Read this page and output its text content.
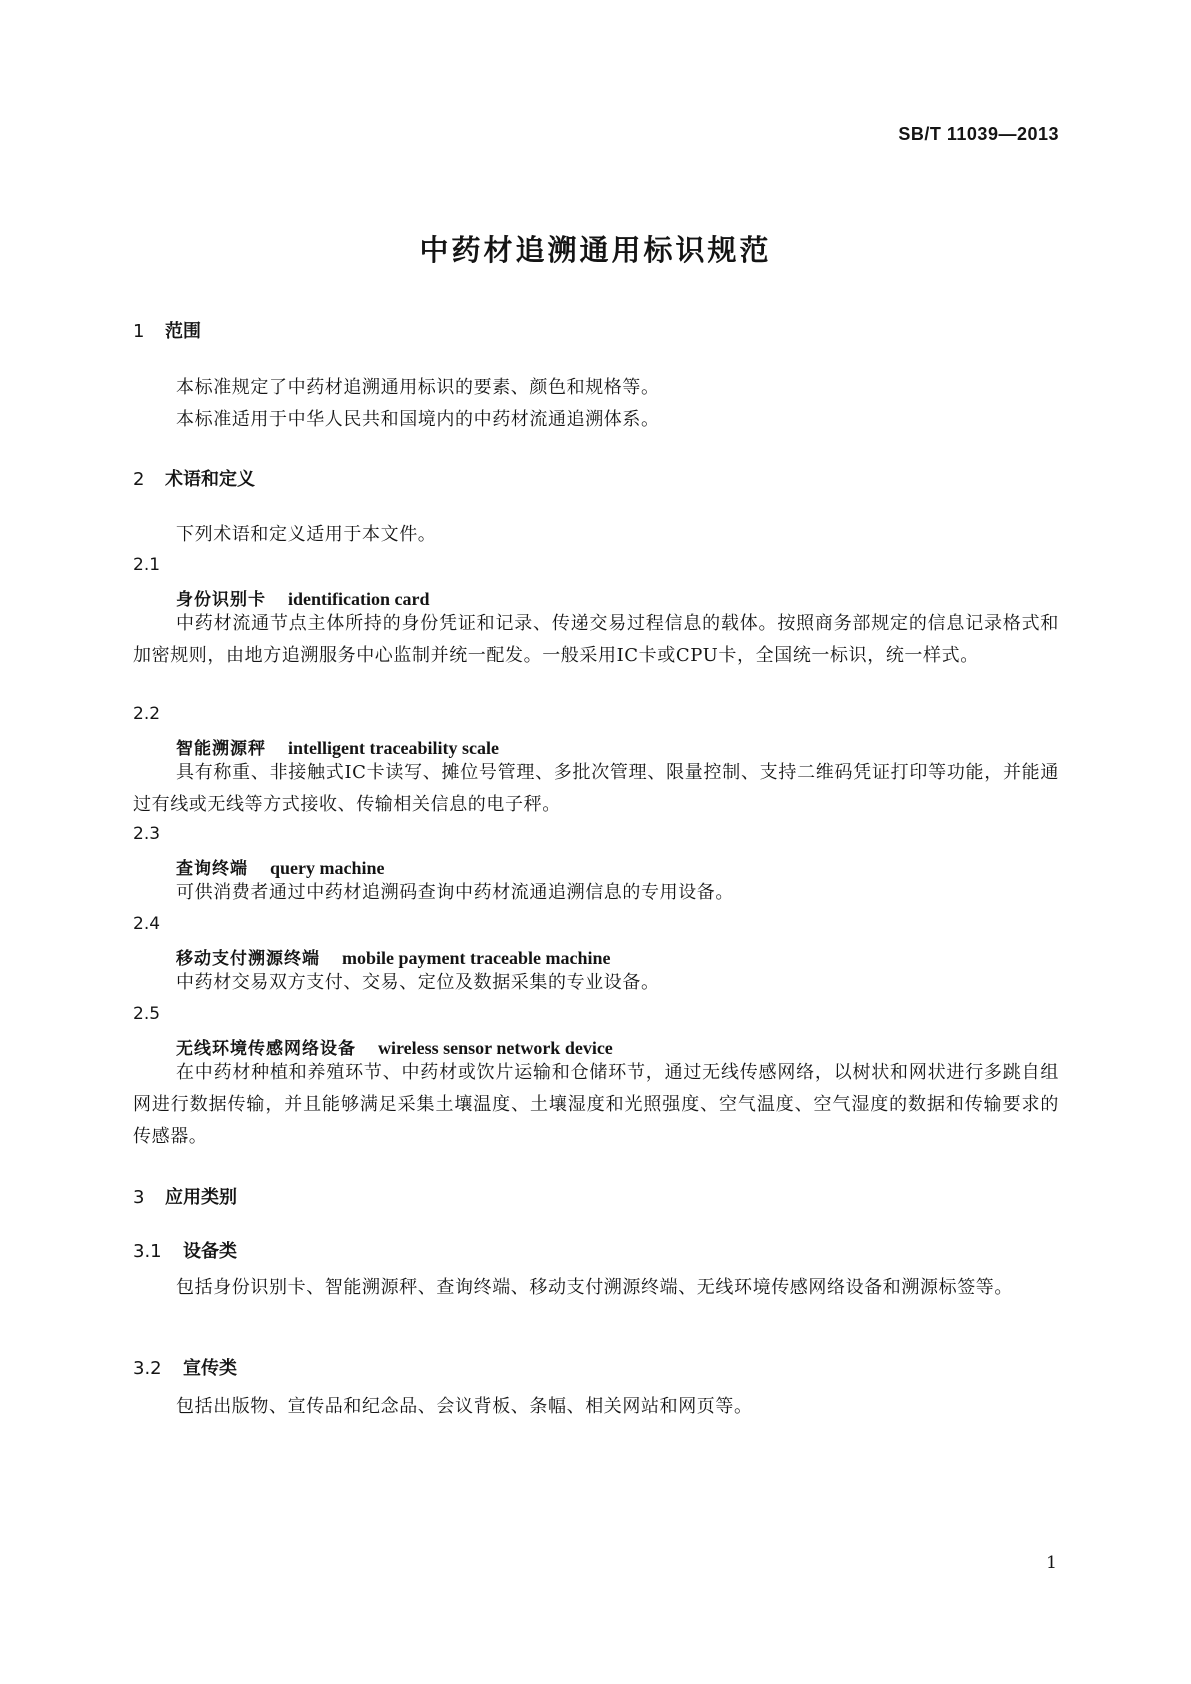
SB/T 11039—2013
中药材追溯通用标识规范
1 范围
本标准规定了中药材追溯通用标识的要素、颜色和规格等。
本标准适用于中华人民共和国境内的中药材流通追溯体系。
2 术语和定义
下列术语和定义适用于本文件。
2.1
身份识别卡 identification card
中药材流通节点主体所持的身份凭证和记录、传递交易过程信息的载体。按照商务部规定的信息记录格式和加密规则，由地方追溯服务中心监制并统一配发。一般采用IC卡或CPU卡，全国统一标识，统一样式。
2.2
智能溯源秤 intelligent traceability scale
具有称重、非接触式IC卡读写、摊位号管理、多批次管理、限量控制、支持二维码凭证打印等功能，并能通过有线或无线等方式接收、传输相关信息的电子秤。
2.3
查询终端 query machine
可供消费者通过中药材追溯码查询中药材流通追溯信息的专用设备。
2.4
移动支付溯源终端 mobile payment traceable machine
中药材交易双方支付、交易、定位及数据采集的专业设备。
2.5
无线环境传感网络设备 wireless sensor network device
在中药材种植和养殖环节、中药材或饮片运输和仓储环节，通过无线传感网络，以树状和网状进行多跳自组网进行数据传输，并且能够满足采集土壤温度、土壤湿度和光照强度、空气温度、空气湿度的数据和传输要求的传感器。
3 应用类别
3.1 设备类
包括身份识别卡、智能溯源秤、查询终端、移动支付溯源终端、无线环境传感网络设备和溯源标签等。
3.2 宣传类
包括出版物、宣传品和纪念品、会议背板、条幅、相关网站和网页等。
1
